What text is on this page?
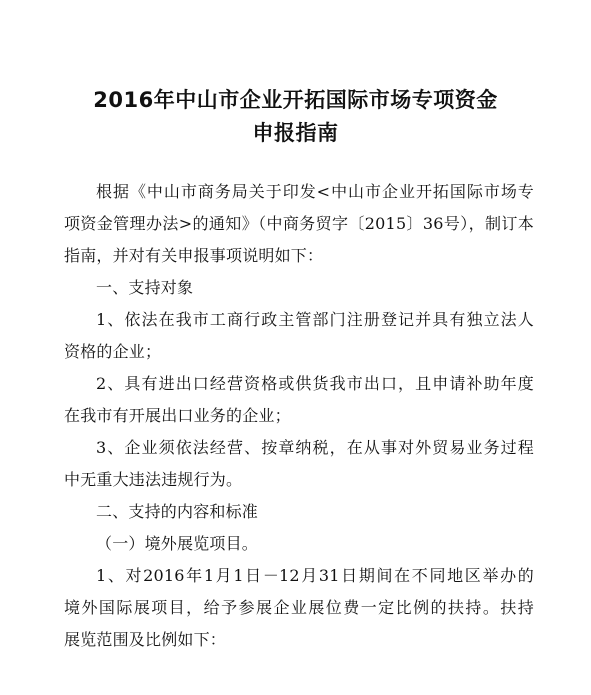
2016年中山市企业开拓国际市场专项资金
申报指南

根据《中山市商务局关于印发<中山市企业开拓国际市场专

项资金管理办法>的通知》（中商务贸字〔2015〕36号），制订本

指南，并对有关申报事项说明如下：

一、支持对象

1、依法在我市工商行政主管部门注册登记并具有独立法人

资格的企业；

2、具有进出口经营资格或供货我市出口，且申请补助年度

在我市有开展出口业务的企业；

3、企业须依法经营、按章纳税，在从事对外贸易业务过程

中无重大违法违规行为。

二、支持的内容和标准

（一）境外展览项目。

1、对2016年1月1日－12月31日期间在不同地区举办的

境外国际展项目，给予参展企业展位费一定比例的扶持。扶持

展览范围及比例如下：
